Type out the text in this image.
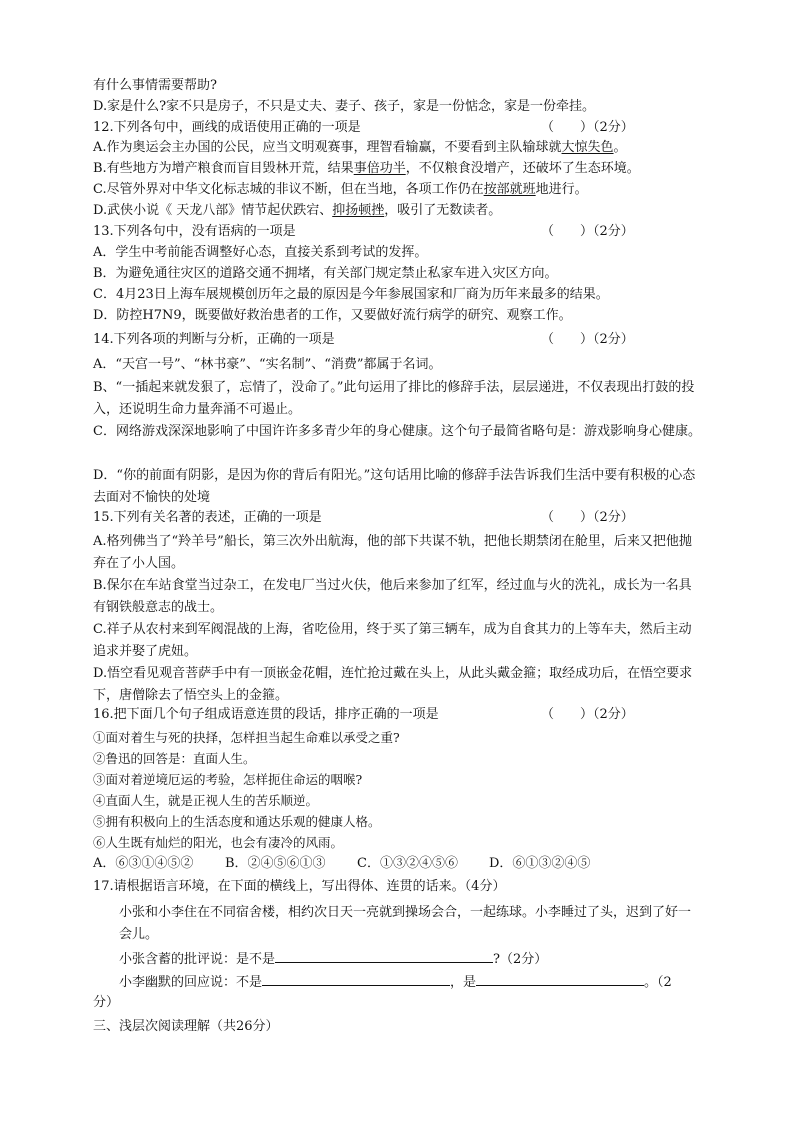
有什么事情需要帮助?
D.家是什么?家不只是房子，不只是丈夫、妻子、孩子，家是一份惦念，家是一份牵挂。
12.下列各句中，画线的成语使用正确的一项是	（　　）（2分）
A.作为奥运会主办国的公民，应当文明观赛事，理智看输赢，不要看到主队输球就大惊失色。
B.有些地方为增产粮食而盲目毁林开荒，结果事倍功半，不仅粮食没增产，还破坏了生态环境。
C.尽管外界对中华文化标志城的非议不断，但在当地，各项工作仍在按部就班地进行。
D.武侠小说《 天龙八部》情节起伏跌宕、抑扬顿挫，吸引了无数读者。
13.下列各句中，没有语病的一项是	（　　）（2分）
A．学生中考前能否调整好心态，直接关系到考试的发挥。
B．为避免通往灾区的道路交通不拥堵，有关部门规定禁止私家车进入灾区方向。
C．4月23日上海车展规模创历年之最的原因是今年参展国家和厂商为历年来最多的结果。
D．防控H7N9，既要做好救治患者的工作，又要做好流行病学的研究、观察工作。
14.下列各项的判断与分析，正确的一项是	（　　）（2分）
A．“天宫一号”、“林书豪”、“实名制”、“消费”都属于名词。
B、“一插起来就发狠了，忘情了，没命了。”此句运用了排比的修辞手法，层层递进，不仅表现出打鼓的投入，还说明生命力量奔涌不可遏止。
C．网络游戏深深地影响了中国许许多多青少年的身心健康。这个句子最简省略句是：游戏影响身心健康。
D．“你的前面有阴影，是因为你的背后有阳光。”这句话用比喻的修辞手法告诉我们生活中要有积极的心态去面对不愉快的处境
15.下列有关名著的表述，正确的一项是	（　　）（2分）
A.格列佛当了“羚羊号”船长，第三次外出航海，他的部下共谋不轨，把他长期禁闭在舱里，后来又把他抛弃在了小人国。
B.保尔在车站食堂当过杂工，在发电厂当过火伕，他后来参加了红军，经过血与火的洗礼，成长为一名具有钢铁般意志的战士。
C.祥子从农村来到军阀混战的上海，省吃俭用，终于买了第三辆车，成为自食其力的上等车夫，然后主动追求并娶了虎妞。
D.悟空看见观音菩萨手中有一顶嵌金花帽，连忙抢过戴在头上，从此头戴金箍；取经成功后，在悟空要求下，唐僧除去了悟空头上的金箍。
16.把下面几个句子组成语意连贯的段话，排序正确的一项是	（　　）（2分）
①面对着生与死的抉择，怎样担当起生命难以承受之重?
②鲁迅的回答是：直面人生。
③面对着逆境厄运的考验，怎样扼住命运的咽喉?
④直面人生，就是正视人生的苦乐顺逆。
⑤拥有积极向上的生活态度和通达乐观的健康人格。
⑥人生既有灿烂的阳光，也会有凄冷的风雨。
A．⑥③①④⑤② B．②④⑤⑥①③ C．①③②④⑤⑥ D．⑥①③②④⑤
17.请根据语言环境，在下面的横线上，写出得体、连贯的话来。（4分）
小张和小李住在不同宿舍楼，相约次日天一亮就到操场会合，一起练球。小李睡过了头，迟到了好一会儿。
小张含蓄的批评说：是不是	?（2分）
小李幽默的回应说：不是	，是	。（2
分）
三、浅层次阅读理解（共26分）
